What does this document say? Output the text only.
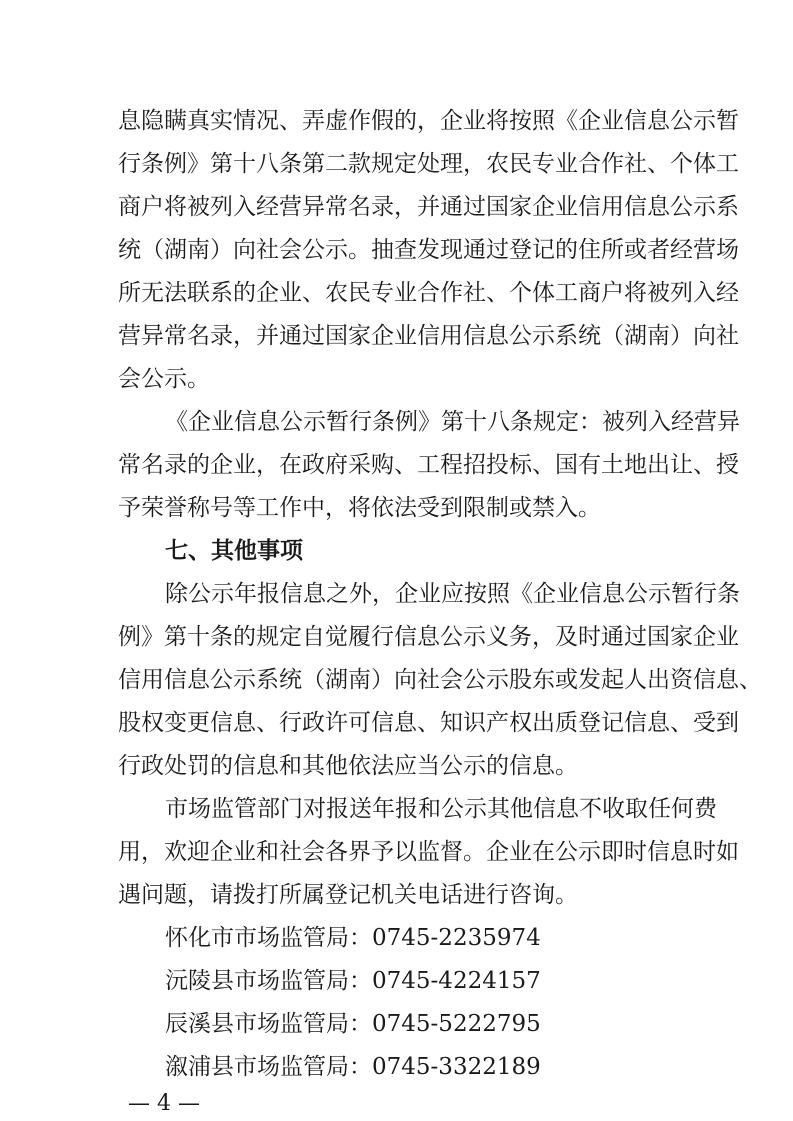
息隐瞒真实情况、弄虚作假的，企业将按照《企业信息公示暂
行条例》第十八条第二款规定处理，农民专业合作社、个体工
商户将被列入经营异常名录，并通过国家企业信用信息公示系
统（湖南）向社会公示。抽查发现通过登记的住所或者经营场
所无法联系的企业、农民专业合作社、个体工商户将被列入经
营异常名录，并通过国家企业信用信息公示系统（湖南）向社
会公示。
《企业信息公示暂行条例》第十八条规定：被列入经营异
常名录的企业，在政府采购、工程招投标、国有土地出让、授
予荣誉称号等工作中，将依法受到限制或禁入。
七、其他事项
除公示年报信息之外，企业应按照《企业信息公示暂行条
例》第十条的规定自觉履行信息公示义务，及时通过国家企业
信用信息公示系统（湖南）向社会公示股东或发起人出资信息、
股权变更信息、行政许可信息、知识产权出质登记信息、受到
行政处罚的信息和其他依法应当公示的信息。
市场监管部门对报送年报和公示其他信息不收取任何费
用，欢迎企业和社会各界予以监督。企业在公示即时信息时如
遇问题，请拨打所属登记机关电话进行咨询。
怀化市市场监管局：0745-2235974
沅陵县市场监管局：0745-4224157
辰溪县市场监管局：0745-5222795
溆浦县市场监管局：0745-3322189
— 4 —
